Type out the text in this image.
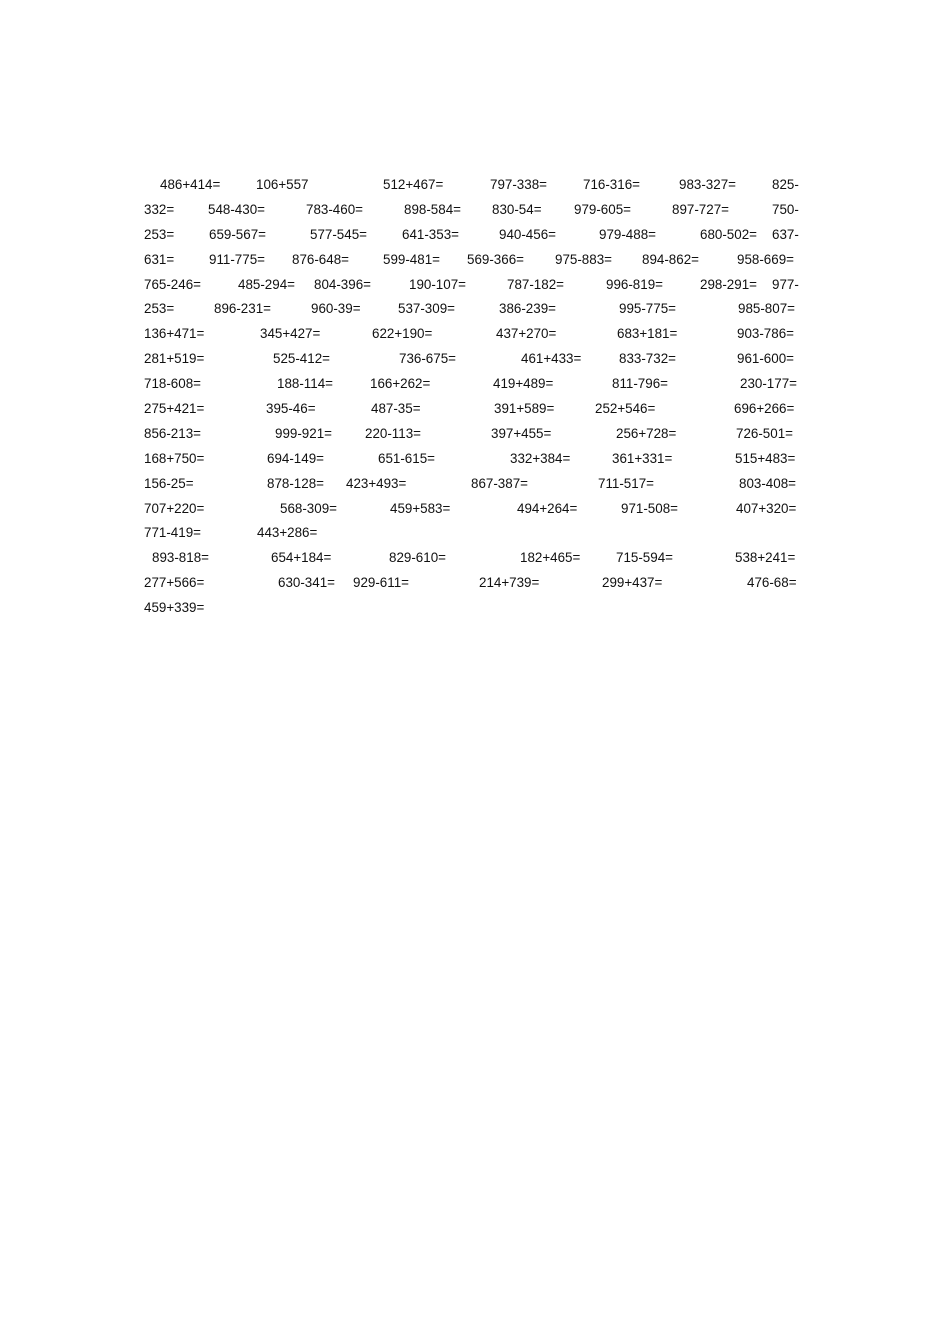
486+414=	106+557	512+467=	797-338=	716-316=	983-327=	825-
332=	548-430=	783-460=	898-584= 830-54= 979-605=	897-727=	750-
253=	659-567=	577-545=	641-353=	940-456=	979-488=	680-502= 637-
631=	911-775= 876-648=	599-481= 569-366= 975-883= 894-862=	958-669=
765-246=	485-294= 804-396=	190-107=	787-182=	996-819=	298-291= 977-
253=	896-231=	960-39=	537-309=	386-239=	995-775=	985-807=
136+471=	345+427=	622+190=	437+270=	683+181=	903-786=
281+519=	525-412=	736-675=	461+433=	833-732=	961-600=
718-608=	188-114=	166+262=	419+489=	811-796=	230-177=
275+421=	395-46=	487-35=	391+589=	252+546=	696+266=
856-213=	999-921= 220-113=	397+455=	256+728=	726-501=
168+750=	694-149=	651-615=	332+384=	361+331=	515+483=
156-25=	878-128= 423+493=	867-387=	711-517=	803-408=
707+220=	568-309=	459+583=	494+264=	971-508=	407+320=
771-419=	443+286=
893-818=	654+184=	829-610=	182+465=	715-594=	538+241=
277+566=	630-341= 929-611=	214+739=	299+437=	476-68=
459+339=
